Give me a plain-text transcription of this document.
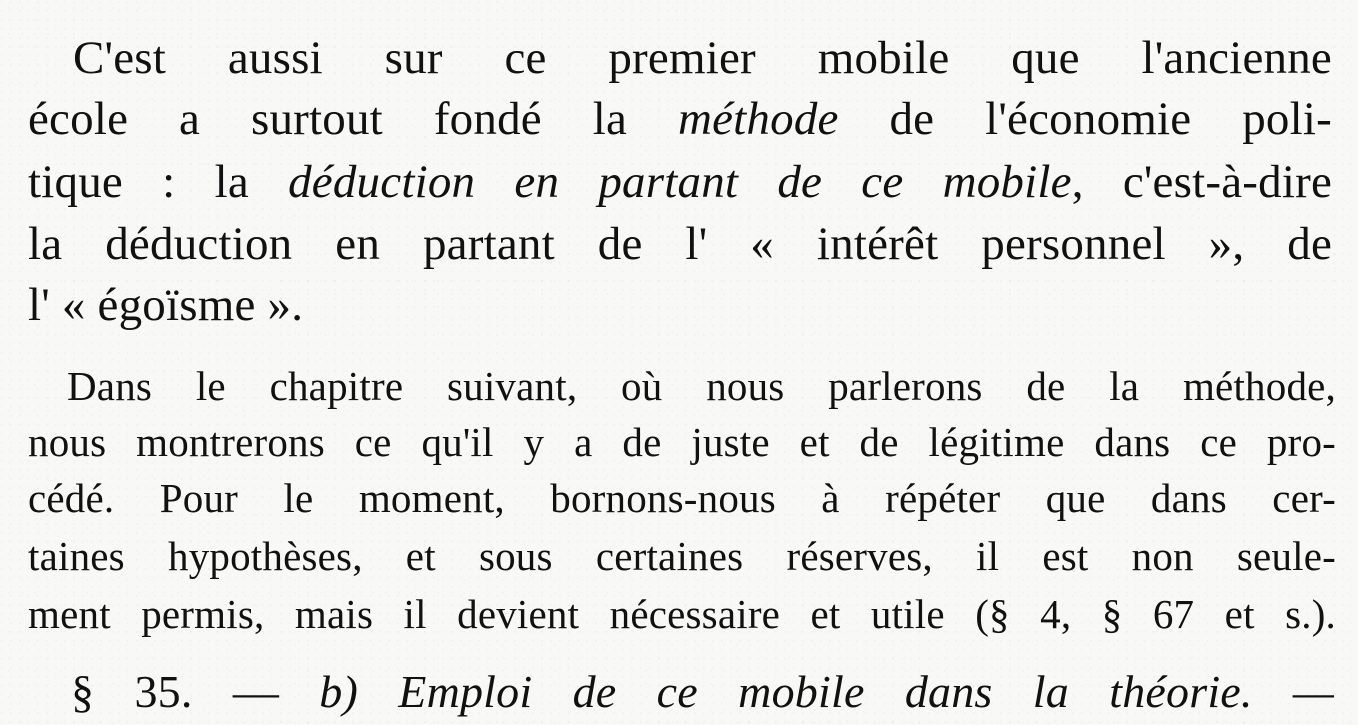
C'est aussi sur ce premier mobile que l'ancienne
école a surtout fondé la méthode de l'économie poli-
tique : la déduction en partant de ce mobile, c'est-à-dire
la déduction en partant de l' « intérêt personnel », de
l' « égoïsme ».
Dans le chapitre suivant, où nous parlerons de la méthode,
nous montrerons ce qu'il y a de juste et de légitime dans ce pro-
cédé. Pour le moment, bornons-nous à répéter que dans cer-
taines hypothèses, et sous certaines réserves, il est non seule-
ment permis, mais il devient nécessaire et utile (§ 4, § 67 et s.).
§ 35. — b) Emploi de ce mobile dans la théorie. —
